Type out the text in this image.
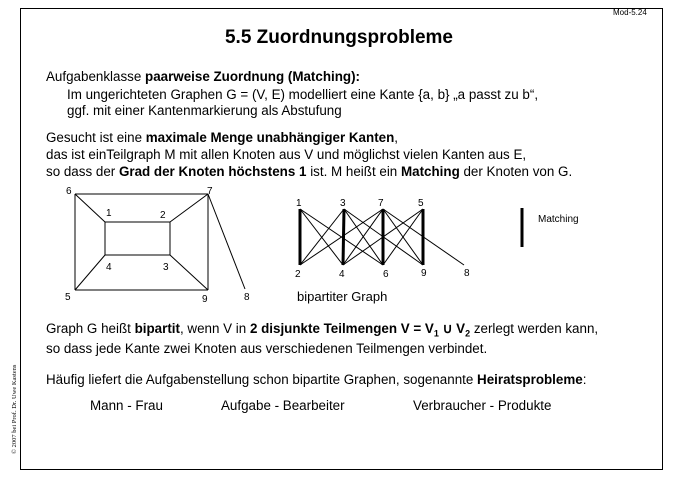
Mod-5.24
5.5 Zuordnungsprobleme
Aufgabenklasse paarweise Zuordnung (Matching):
Im ungerichteten Graphen G = (V, E) modelliert eine Kante {a, b} „a passt zu b“,
ggf. mit einer Kantenmarkierung als Abstufung
Gesucht ist eine maximale Menge unabhängiger Kanten,
das ist einTeilgraph M mit allen Knoten aus V und möglichst vielen Kanten aus E,
so dass der Grad der Knoten höchstens 1 ist. M heißt ein Matching der Knoten von G.
1	2
3
4
5
6	7
8
9
1	3	7	5
2	4	6	9	8
bipartiter Graph
Matching
Graph G heißt bipartit, wenn V in 2 disjunkte Teilmengen $V = V_1$ ∪ $V_2$ zerlegt werden kann,
so dass jede Kante zwei Knoten aus verschiedenen Teilmengen verbindet.
Häufig liefert die Aufgabenstellung schon bipartite Graphen, sogenannte Heiratsprobleme:
Mann - Frau	Aufgabe - Bearbeiter	Verbraucher - Produkte
© 2007 bei Prof. Dr. Uwe Kastens
